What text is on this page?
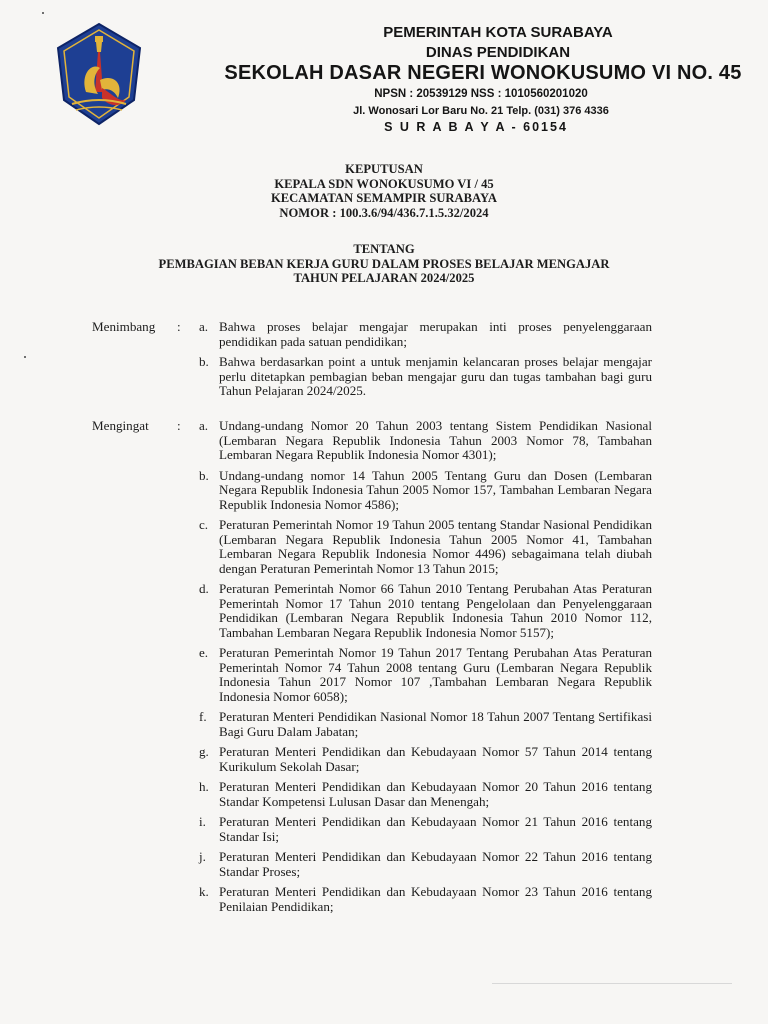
PEMERINTAH KOTA SURABAYA
DINAS PENDIDIKAN
SEKOLAH DASAR NEGERI WONOKUSUMO VI NO. 45
NPSN : 20539129 NSS : 1010560201020
Jl. Wonosari Lor Baru No. 21 Telp. (031) 376 4336
S U R A B A Y A - 60154
KEPUTUSAN
KEPALA SDN WONOKUSUMO VI / 45
KECAMATAN SEMAMPIR SURABAYA
NOMOR : 100.3.6/94/436.7.1.5.32/2024
TENTANG
PEMBAGIAN BEBAN KERJA GURU DALAM PROSES BELAJAR MENGAJAR
TAHUN PELAJARAN 2024/2025
Menimbang	: a. Bahwa proses belajar mengajar merupakan inti proses penyelenggaraan pendidikan pada satuan pendidikan;
b. Bahwa berdasarkan point a untuk menjamin kelancaran proses belajar mengajar perlu ditetapkan pembagian beban mengajar guru dan tugas tambahan bagi guru Tahun Pelajaran 2024/2025.
Mengingat	: a. Undang-undang Nomor 20 Tahun 2003 tentang Sistem Pendidikan Nasional (Lembaran Negara Republik Indonesia Tahun 2003 Nomor 78, Tambahan Lembaran Negara Republik Indonesia Nomor 4301);
b. Undang-undang nomor 14 Tahun 2005 Tentang Guru dan Dosen (Lembaran Negara Republik Indonesia Tahun 2005 Nomor 157, Tambahan Lembaran Negara Republik Indonesia Nomor 4586);
c. Peraturan Pemerintah Nomor 19 Tahun 2005 tentang Standar Nasional Pendidikan (Lembaran Negara Republik Indonesia Tahun 2005 Nomor 41, Tambahan Lembaran Negara Republik Indonesia Nomor 4496) sebagaimana telah diubah dengan Peraturan Pemerintah Nomor 13 Tahun 2015;
d. Peraturan Pemerintah Nomor 66 Tahun 2010 Tentang Perubahan Atas Peraturan Pemerintah Nomor 17 Tahun 2010 tentang Pengelolaan dan Penyelenggaraan Pendidikan (Lembaran Negara Republik Indonesia Tahun 2010 Nomor 112, Tambahan Lembaran Negara Republik Indonesia Nomor 5157);
e. Peraturan Pemerintah Nomor 19 Tahun 2017 Tentang Perubahan Atas Peraturan Pemerintah Nomor 74 Tahun 2008 tentang Guru (Lembaran Negara Republik Indonesia Tahun 2017 Nomor 107 ,Tambahan Lembaran Negara Republik Indonesia Nomor 6058);
f. Peraturan Menteri Pendidikan Nasional Nomor 18 Tahun 2007 Tentang Sertifikasi Bagi Guru Dalam Jabatan;
g. Peraturan Menteri Pendidikan dan Kebudayaan Nomor 57 Tahun 2014 tentang Kurikulum Sekolah Dasar;
h. Peraturan Menteri Pendidikan dan Kebudayaan Nomor 20 Tahun 2016 tentang Standar Kompetensi Lulusan Dasar dan Menengah;
i. Peraturan Menteri Pendidikan dan Kebudayaan Nomor 21 Tahun 2016 tentang Standar Isi;
j. Peraturan Menteri Pendidikan dan Kebudayaan Nomor 22 Tahun 2016 tentang Standar Proses;
k. Peraturan Menteri Pendidikan dan Kebudayaan Nomor 23 Tahun 2016 tentang Penilaian Pendidikan;
